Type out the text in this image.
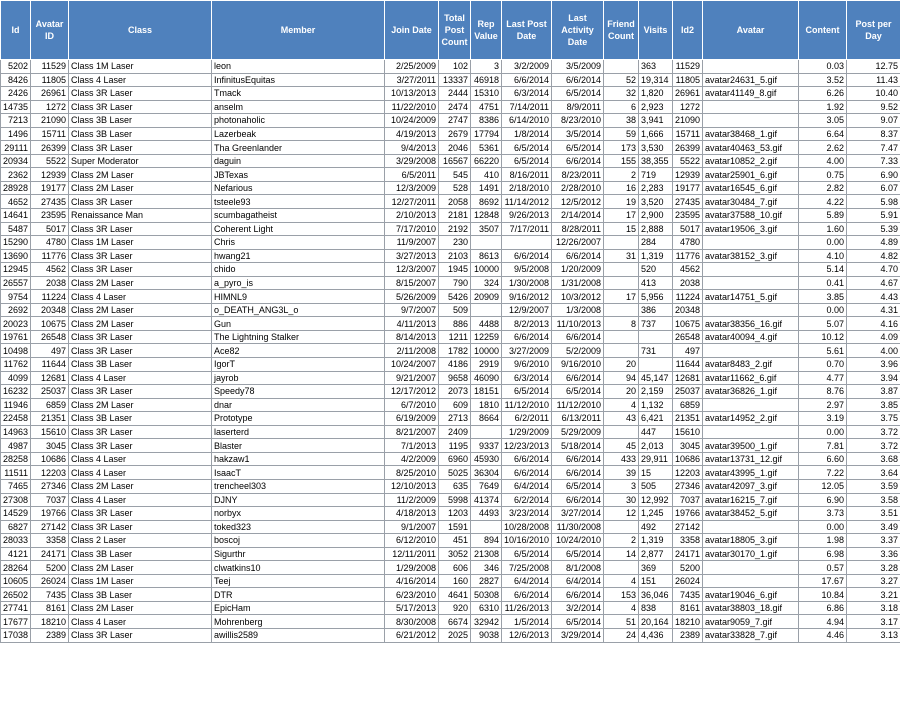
Id	Avatar ID	Class	Member	Join Date	Total Post Count	Rep Value	Last Post Date	Last Activity Date	Friend Count	Visits	Id2	Avatar	Content	Post per Day
5202	11529	Class 1M Laser	leon	2/25/2009	102	3	3/2/2009	3/5/2009		363	11529		0.03	12.75
8426	11805	Class 4 Laser	InfinitusEquitas	3/27/2011	13337	46918	6/6/2014	6/6/2014	52	19,314	11805	avatar24631_5.gif	3.52	11.43
2426	26961	Class 3R Laser	Tmack	10/13/2013	2444	15310	6/3/2014	6/5/2014	32	1,820	26961	avatar41149_8.gif	6.26	10.40
14735	1272	Class 3R Laser	anselm	11/22/2010	2474	4751	7/14/2011	8/9/2011	6	2,923	1272		1.92	9.52
7213	21090	Class 3B Laser	photonaholic	10/24/2009	2747	8386	6/14/2010	8/23/2010	38	3,941	21090		3.05	9.07
1496	15711	Class 3B Laser	Lazerbeak	4/19/2013	2679	17794	1/8/2014	3/5/2014	59	1,666	15711	avatar38468_1.gif	6.64	8.37
29111	26399	Class 3R Laser	Tha Greenlander	9/4/2013	2046	5361	6/5/2014	6/5/2014	173	3,530	26399	avatar40463_53.gif	2.62	7.47
20934	5522	Super Moderator	daguin	3/29/2008	16567	66220	6/5/2014	6/6/2014	155	38,355	5522	avatar10852_2.gif	4.00	7.33
2362	12939	Class 2M Laser	JBTexas	6/5/2011	545	410	8/16/2011	8/23/2011	2	719	12939	avatar25901_6.gif	0.75	6.90
28928	19177	Class 2M Laser	Nefarious	12/3/2009	528	1491	2/18/2010	2/28/2010	16	2,283	19177	avatar16545_6.gif	2.82	6.07
4652	27435	Class 3R Laser	tsteele93	12/27/2011	2058	8692	11/14/2012	12/5/2012	19	3,520	27435	avatar30484_7.gif	4.22	5.98
14641	23595	Renaissance Man	scumbagatheist	2/10/2013	2181	12848	9/26/2013	2/14/2014	17	2,900	23595	avatar37588_10.gif	5.89	5.91
5487	5017	Class 3R Laser	Coherent Light	7/17/2010	2192	3507	7/17/2011	8/28/2011	15	2,888	5017	avatar19506_3.gif	1.60	5.39
15290	4780	Class 1M Laser	Chris	11/9/2007	230			12/26/2007		284	4780		0.00	4.89
13690	11776	Class 3R Laser	hwang21	3/27/2013	2103	8613	6/6/2014	6/6/2014	31	1,319	11776	avatar38152_3.gif	4.10	4.82
12945	4562	Class 3R Laser	chido	12/3/2007	1945	10000	9/5/2008	1/20/2009		520	4562		5.14	4.70
26557	2038	Class 2M Laser	a_pyro_is	8/15/2007	790	324	1/30/2008	1/31/2008		413	2038		0.41	4.67
9754	11224	Class 4 Laser	HIMNL9	5/26/2009	5426	20909	9/16/2012	10/3/2012	17	5,956	11224	avatar14751_5.gif	3.85	4.43
2692	20348	Class 2M Laser	o_DEATH_ANG3L_o	9/7/2007	509		12/9/2007	1/3/2008		386	20348		0.00	4.31
20023	10675	Class 2M Laser	Gun	4/11/2013	886	4488	8/2/2013	11/10/2013	8	737	10675	avatar38356_16.gif	5.07	4.16
19761	26548	Class 3R Laser	The Lightning Stalker	8/14/2013	1211	12259	6/6/2014	6/6/2014			26548	avatar40094_4.gif	10.12	4.09
10498	497	Class 3R Laser	Ace82	2/11/2008	1782	10000	3/27/2009	5/2/2009		731	497		5.61	4.00
11762	11644	Class 3B Laser	IgorT	10/24/2007	4186	2919	9/6/2010	9/16/2010	20		11644	avatar8483_2.gif	0.70	3.96
4099	12681	Class 4 Laser	jayrob	9/21/2007	9658	46090	6/3/2014	6/6/2014	94	45,147	12681	avatar11662_6.gif	4.77	3.94
16232	25037	Class 3R Laser	Speedy78	12/17/2012	2073	18151	6/5/2014	6/5/2014	20	2,159	25037	avatar36826_1.gif	8.76	3.87
11946	6859	Class 2M Laser	dnar	6/7/2010	609	1810	11/12/2010	11/12/2010	4	1,132	6859		2.97	3.85
22458	21351	Class 3B Laser	Prototype	6/19/2009	2713	8664	6/2/2011	6/13/2011	43	6,421	21351	avatar14952_2.gif	3.19	3.75
14963	15610	Class 3R Laser	laserterd	8/21/2007	2409		1/29/2009	5/29/2009		447	15610		0.00	3.72
4987	3045	Class 3R Laser	Blaster	7/1/2013	1195	9337	12/23/2013	5/18/2014	45	2,013	3045	avatar39500_1.gif	7.81	3.72
28258	10686	Class 4 Laser	hakzaw1	4/2/2009	6960	45930	6/6/2014	6/6/2014	433	29,911	10686	avatar13731_12.gif	6.60	3.68
11511	12203	Class 4 Laser	IsaacT	8/25/2010	5025	36304	6/6/2014	6/6/2014	39	15	12203	avatar43995_1.gif	7.22	3.64
7465	27346	Class 2M Laser	trencheel303	12/10/2013	635	7649	6/4/2014	6/5/2014	3	505	27346	avatar42097_3.gif	12.05	3.59
27308	7037	Class 4 Laser	DJNY	11/2/2009	5998	41374	6/2/2014	6/6/2014	30	12,992	7037	avatar16215_7.gif	6.90	3.58
14529	19766	Class 3R Laser	norbyx	4/18/2013	1203	4493	3/23/2014	3/27/2014	12	1,245	19766	avatar38452_5.gif	3.73	3.51
6827	27142	Class 3R Laser	toked323	9/1/2007	1591		10/28/2008	11/30/2008		492	27142		0.00	3.49
28033	3358	Class 2 Laser	boscoj	6/12/2010	451	894	10/16/2010	10/24/2010	2	1,319	3358	avatar18805_3.gif	1.98	3.37
4121	24171	Class 3B Laser	Sigurthr	12/11/2011	3052	21308	6/5/2014	6/5/2014	14	2,877	24171	avatar30170_1.gif	6.98	3.36
28264	5200	Class 2M Laser	clwatkins10	1/29/2008	606	346	7/25/2008	8/1/2008		369	5200		0.57	3.28
10605	26024	Class 1M Laser	Teej	4/16/2014	160	2827	6/4/2014	6/4/2014	4	151	26024		17.67	3.27
26502	7435	Class 3B Laser	DTR	6/23/2010	4641	50308	6/6/2014	6/6/2014	153	36,046	7435	avatar19046_6.gif	10.84	3.21
27741	8161	Class 2M Laser	EpicHam	5/17/2013	920	6310	11/26/2013	3/2/2014	4	838	8161	avatar38803_18.gif	6.86	3.18
17677	18210	Class 4 Laser	Mohrenberg	8/30/2008	6674	32942	1/5/2014	6/5/2014	51	20,164	18210	avatar9059_7.gif	4.94	3.17
17038	2389	Class 3R Laser	awillis2589	6/21/2012	2025	9038	12/6/2013	3/29/2014	24	4,436	2389	avatar33828_7.gif	4.46	3.13
